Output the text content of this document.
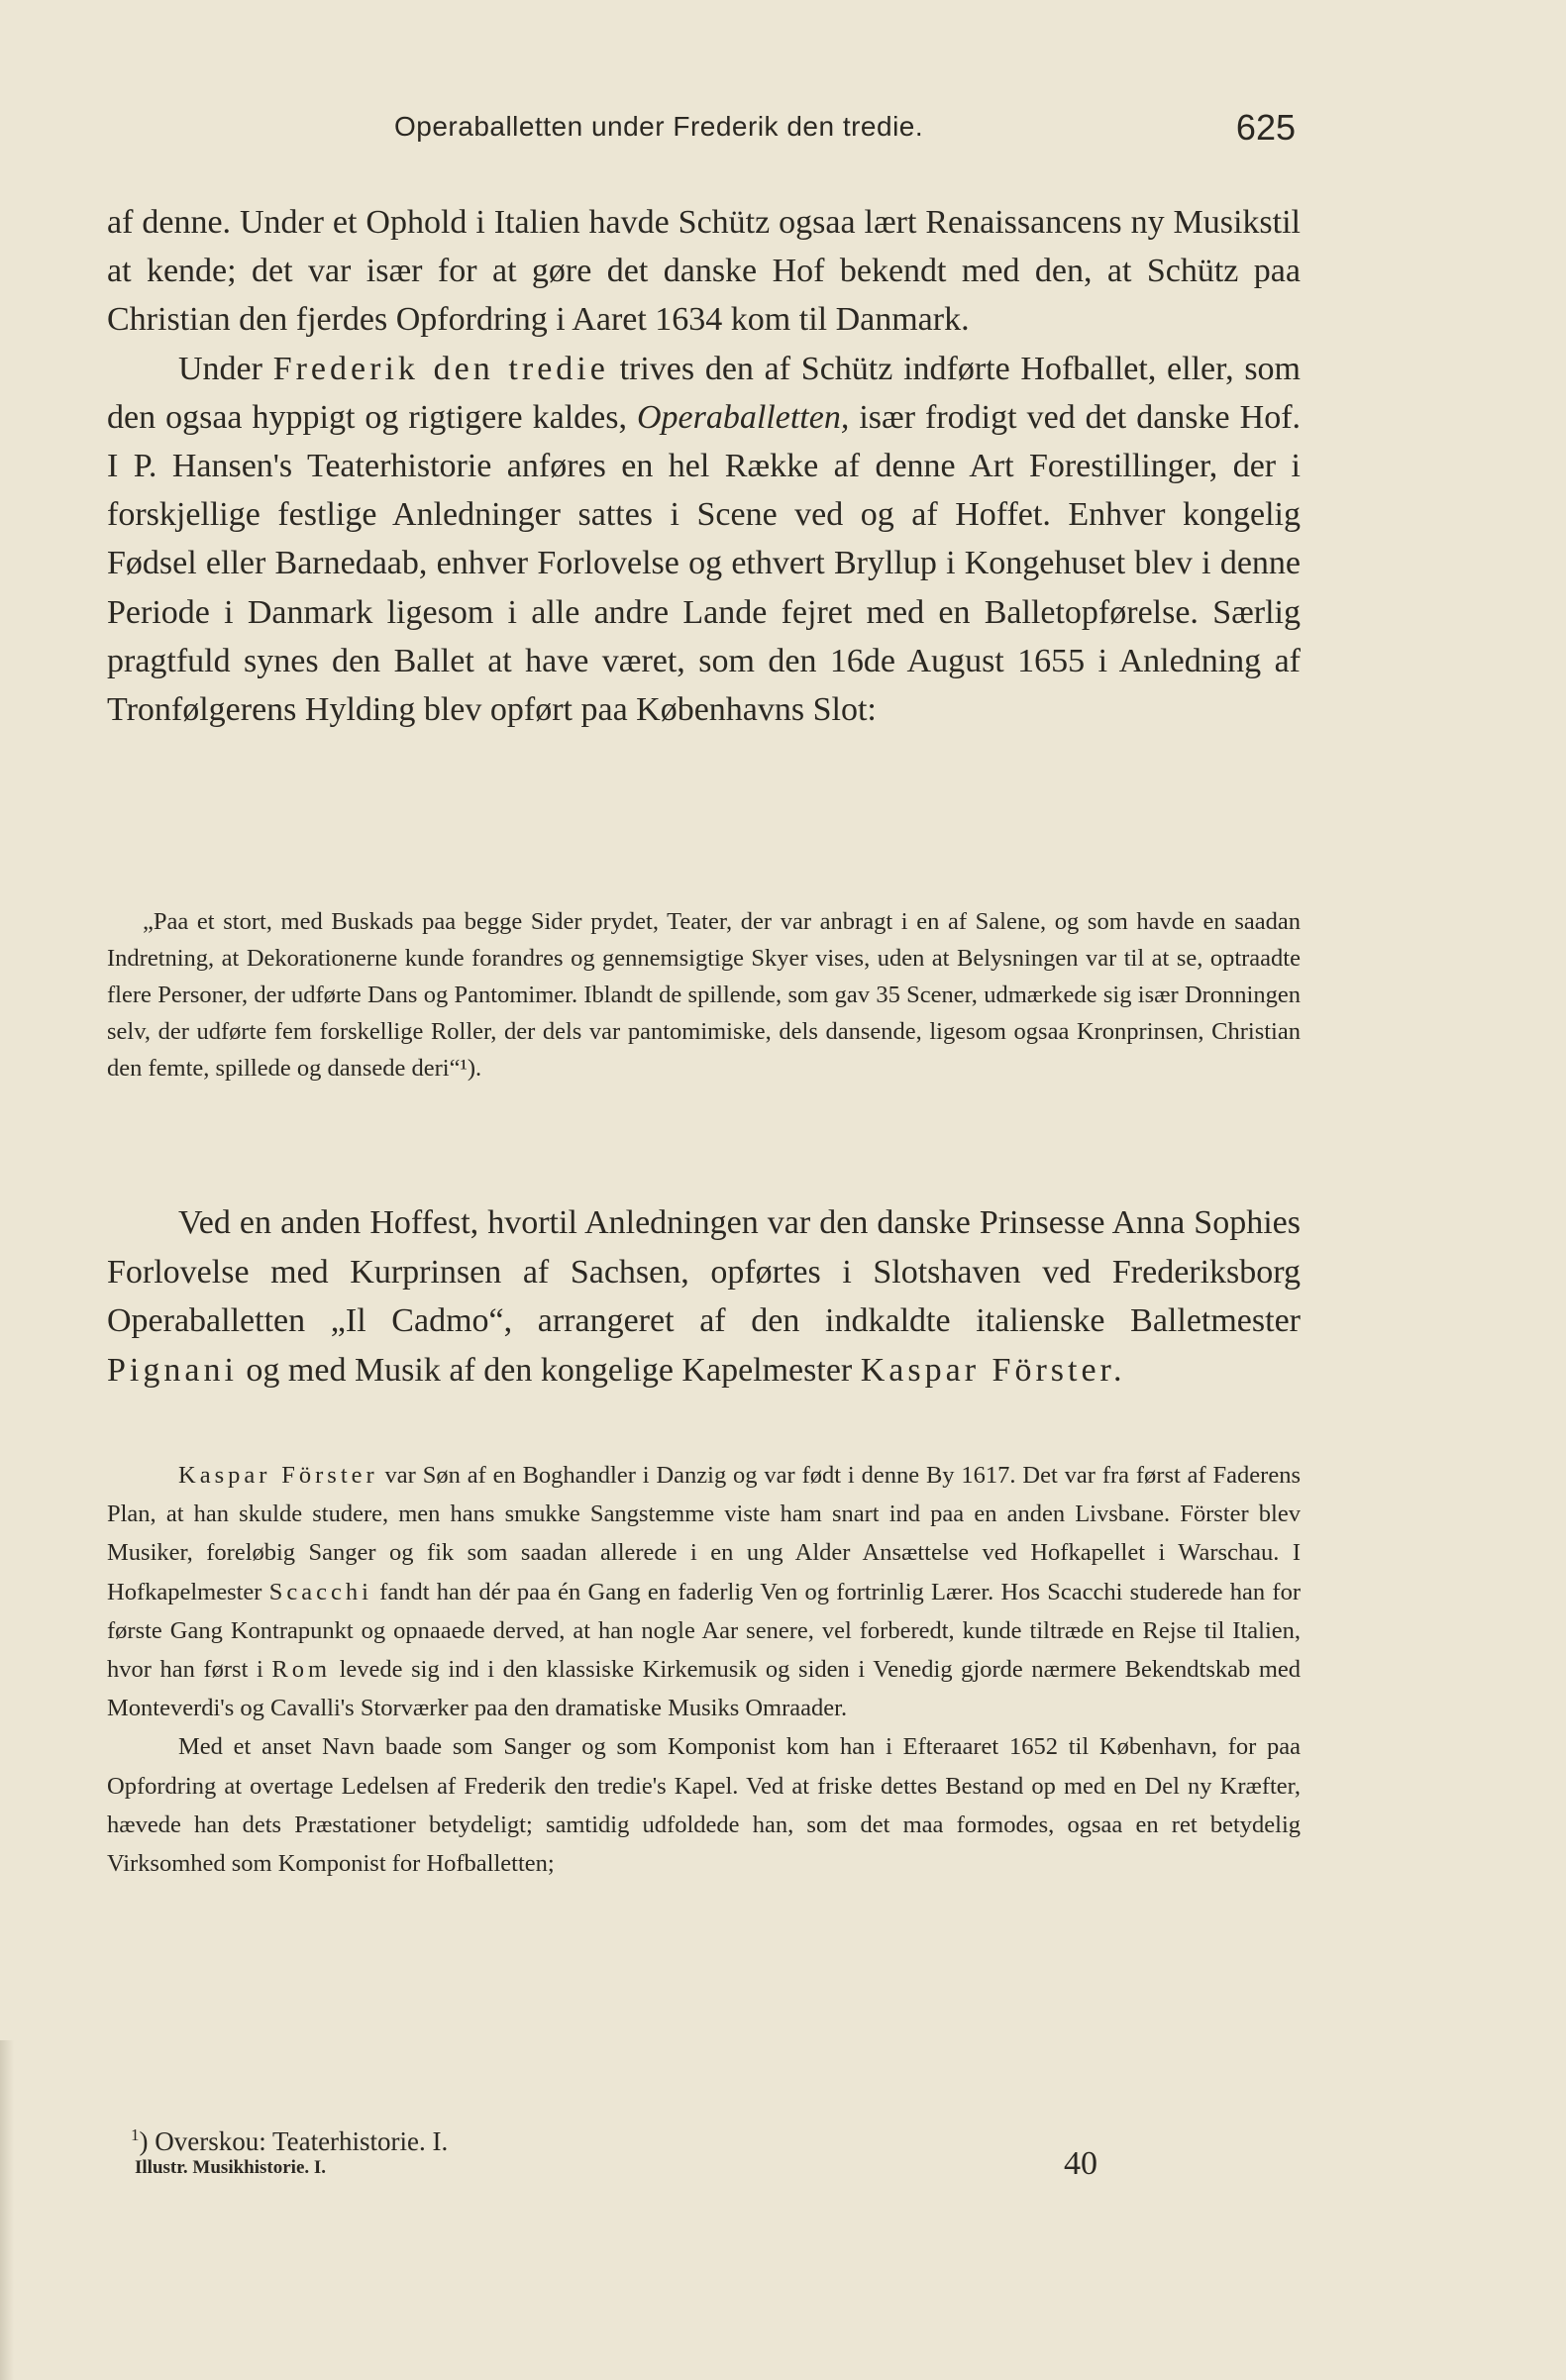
Operaballetten under Frederik den tredie.	625

af denne. Under et Ophold i Italien havde Schütz ogsaa lært Renaissancens ny Musikstil at kende; det var især for at gøre det danske Hof bekendt med den, at Schütz paa Christian den fjerdes Opfordring i Aaret 1634 kom til Danmark.

Under Frederik den tredie trives den af Schütz indførte Hofballet, eller, som den ogsaa hyppigt og rigtigere kaldes, Operaballetten, især frodigt ved det danske Hof. I P. Hansen's Teaterhistorie anføres en hel Række af denne Art Forestillinger, der i forskjellige festlige Anledninger sattes i Scene ved og af Hoffet. Enhver kongelig Fødsel eller Barnedaab, enhver Forlovelse og ethvert Bryllup i Kongehuset blev i denne Periode i Danmark ligesom i alle andre Lande fejret med en Balletopførelse. Særlig pragtfuld synes den Ballet at have været, som den 16de August 1655 i Anledning af Tronfølgerens Hylding blev opført paa Københavns Slot:

„Paa et stort, med Buskads paa begge Sider prydet, Teater, der var anbragt i en af Salene, og som havde en saadan Indretning, at Dekorationerne kunde forandres og gennemsigtige Skyer vises, uden at Belysningen var til at se, optraadte flere Personer, der udførte Dans og Pantomimer. Iblandt de spillende, som gav 35 Scener, udmærkede sig især Dronningen selv, der udførte fem forskellige Roller, der dels var pantomimiske, dels dansende, ligesom ogsaa Kronprinsen, Christian den femte, spillede og dansede deri“¹).

Ved en anden Hoffest, hvortil Anledningen var den danske Prinsesse Anna Sophies Forlovelse med Kurprinsen af Sachsen, opførtes i Slotshaven ved Frederiksborg Operaballetten „Il Cadmo“, arrangeret af den indkaldte italienske Balletmester Pignani og med Musik af den kongelige Kapelmester Kaspar Förster.

Kaspar Förster var Søn af en Boghandler i Danzig og var født i denne By 1617. Det var fra først af Faderens Plan, at han skulde studere, men hans smukke Sangstemme viste ham snart ind paa en anden Livsbane. Förster blev Musiker, foreløbig Sanger og fik som saadan allerede i en ung Alder Ansættelse ved Hofkapellet i Warschau. I Hofkapelmester Scacchi fandt han dér paa én Gang en faderlig Ven og fortrinlig Lærer. Hos Scacchi studerede han for første Gang Kontrapunkt og opnaaede derved, at han nogle Aar senere, vel forberedt, kunde tiltræde en Rejse til Italien, hvor han først i Rom levede sig ind i den klassiske Kirkemusik og siden i Venedig gjorde nærmere Bekendtskab med Monteverdi's og Cavalli's Storværker paa den dramatiske Musiks Omraader.

Med et anset Navn baade som Sanger og som Komponist kom han i Efteraaret 1652 til København, for paa Opfordring at overtage Ledelsen af Frederik den tredie's Kapel. Ved at friske dettes Bestand op med en Del ny Kræfter, hævede han dets Præstationer betydeligt; samtidig udfoldede han, som det maa formodes, ogsaa en ret betydelig Virksomhed som Komponist for Hofballetten;

$^1$) Overskou: Teaterhistorie. I.
Illustr. Musikhistorie. I.	40
